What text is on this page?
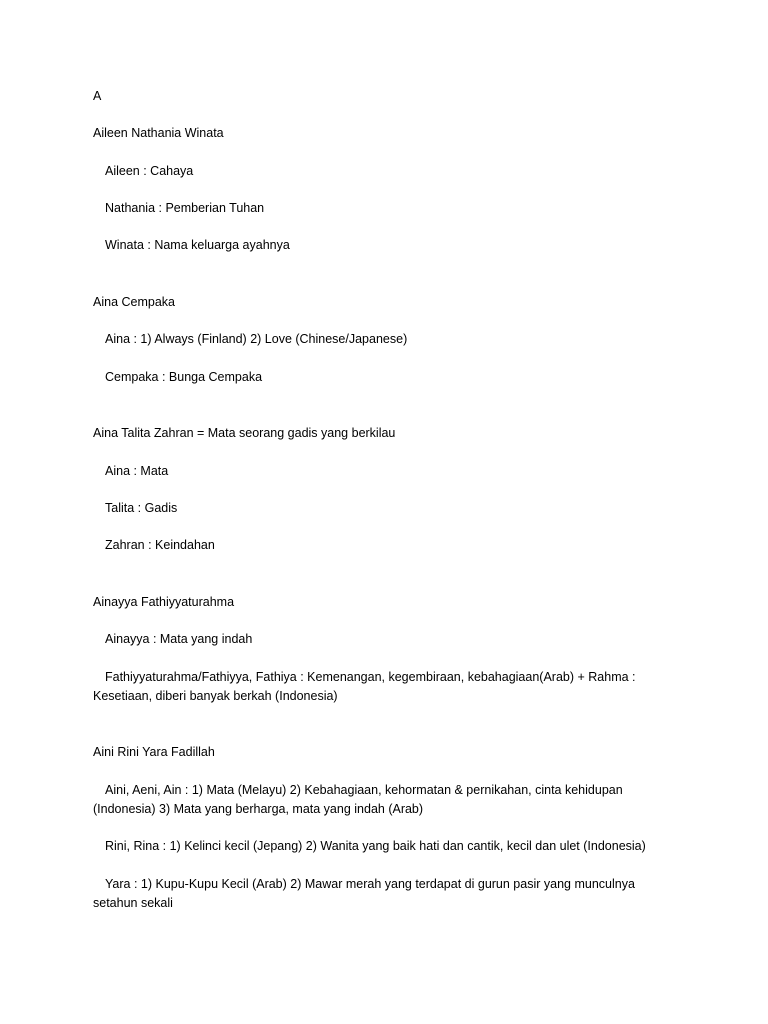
A
Aileen Nathania Winata
Aileen : Cahaya
Nathania : Pemberian Tuhan
Winata : Nama keluarga ayahnya
Aina Cempaka
Aina : 1) Always (Finland) 2) Love (Chinese/Japanese)
Cempaka : Bunga Cempaka
Aina Talita Zahran = Mata seorang gadis yang berkilau
Aina : Mata
Talita : Gadis
Zahran : Keindahan
Ainayya Fathiyyaturahma
Ainayya : Mata yang indah
Fathiyyaturahma/Fathiyya, Fathiya : Kemenangan, kegembiraan, kebahagiaan(Arab) + Rahma : Kesetiaan, diberi banyak berkah (Indonesia)
Aini Rini Yara Fadillah
Aini, Aeni, Ain : 1) Mata (Melayu) 2) Kebahagiaan, kehormatan & pernikahan, cinta kehidupan (Indonesia) 3) Mata yang berharga, mata yang indah (Arab)
Rini, Rina : 1) Kelinci kecil (Jepang) 2) Wanita yang baik hati dan cantik, kecil dan ulet (Indonesia)
Yara : 1) Kupu-Kupu Kecil (Arab) 2) Mawar merah yang terdapat di gurun pasir yang munculnya setahun sekali
